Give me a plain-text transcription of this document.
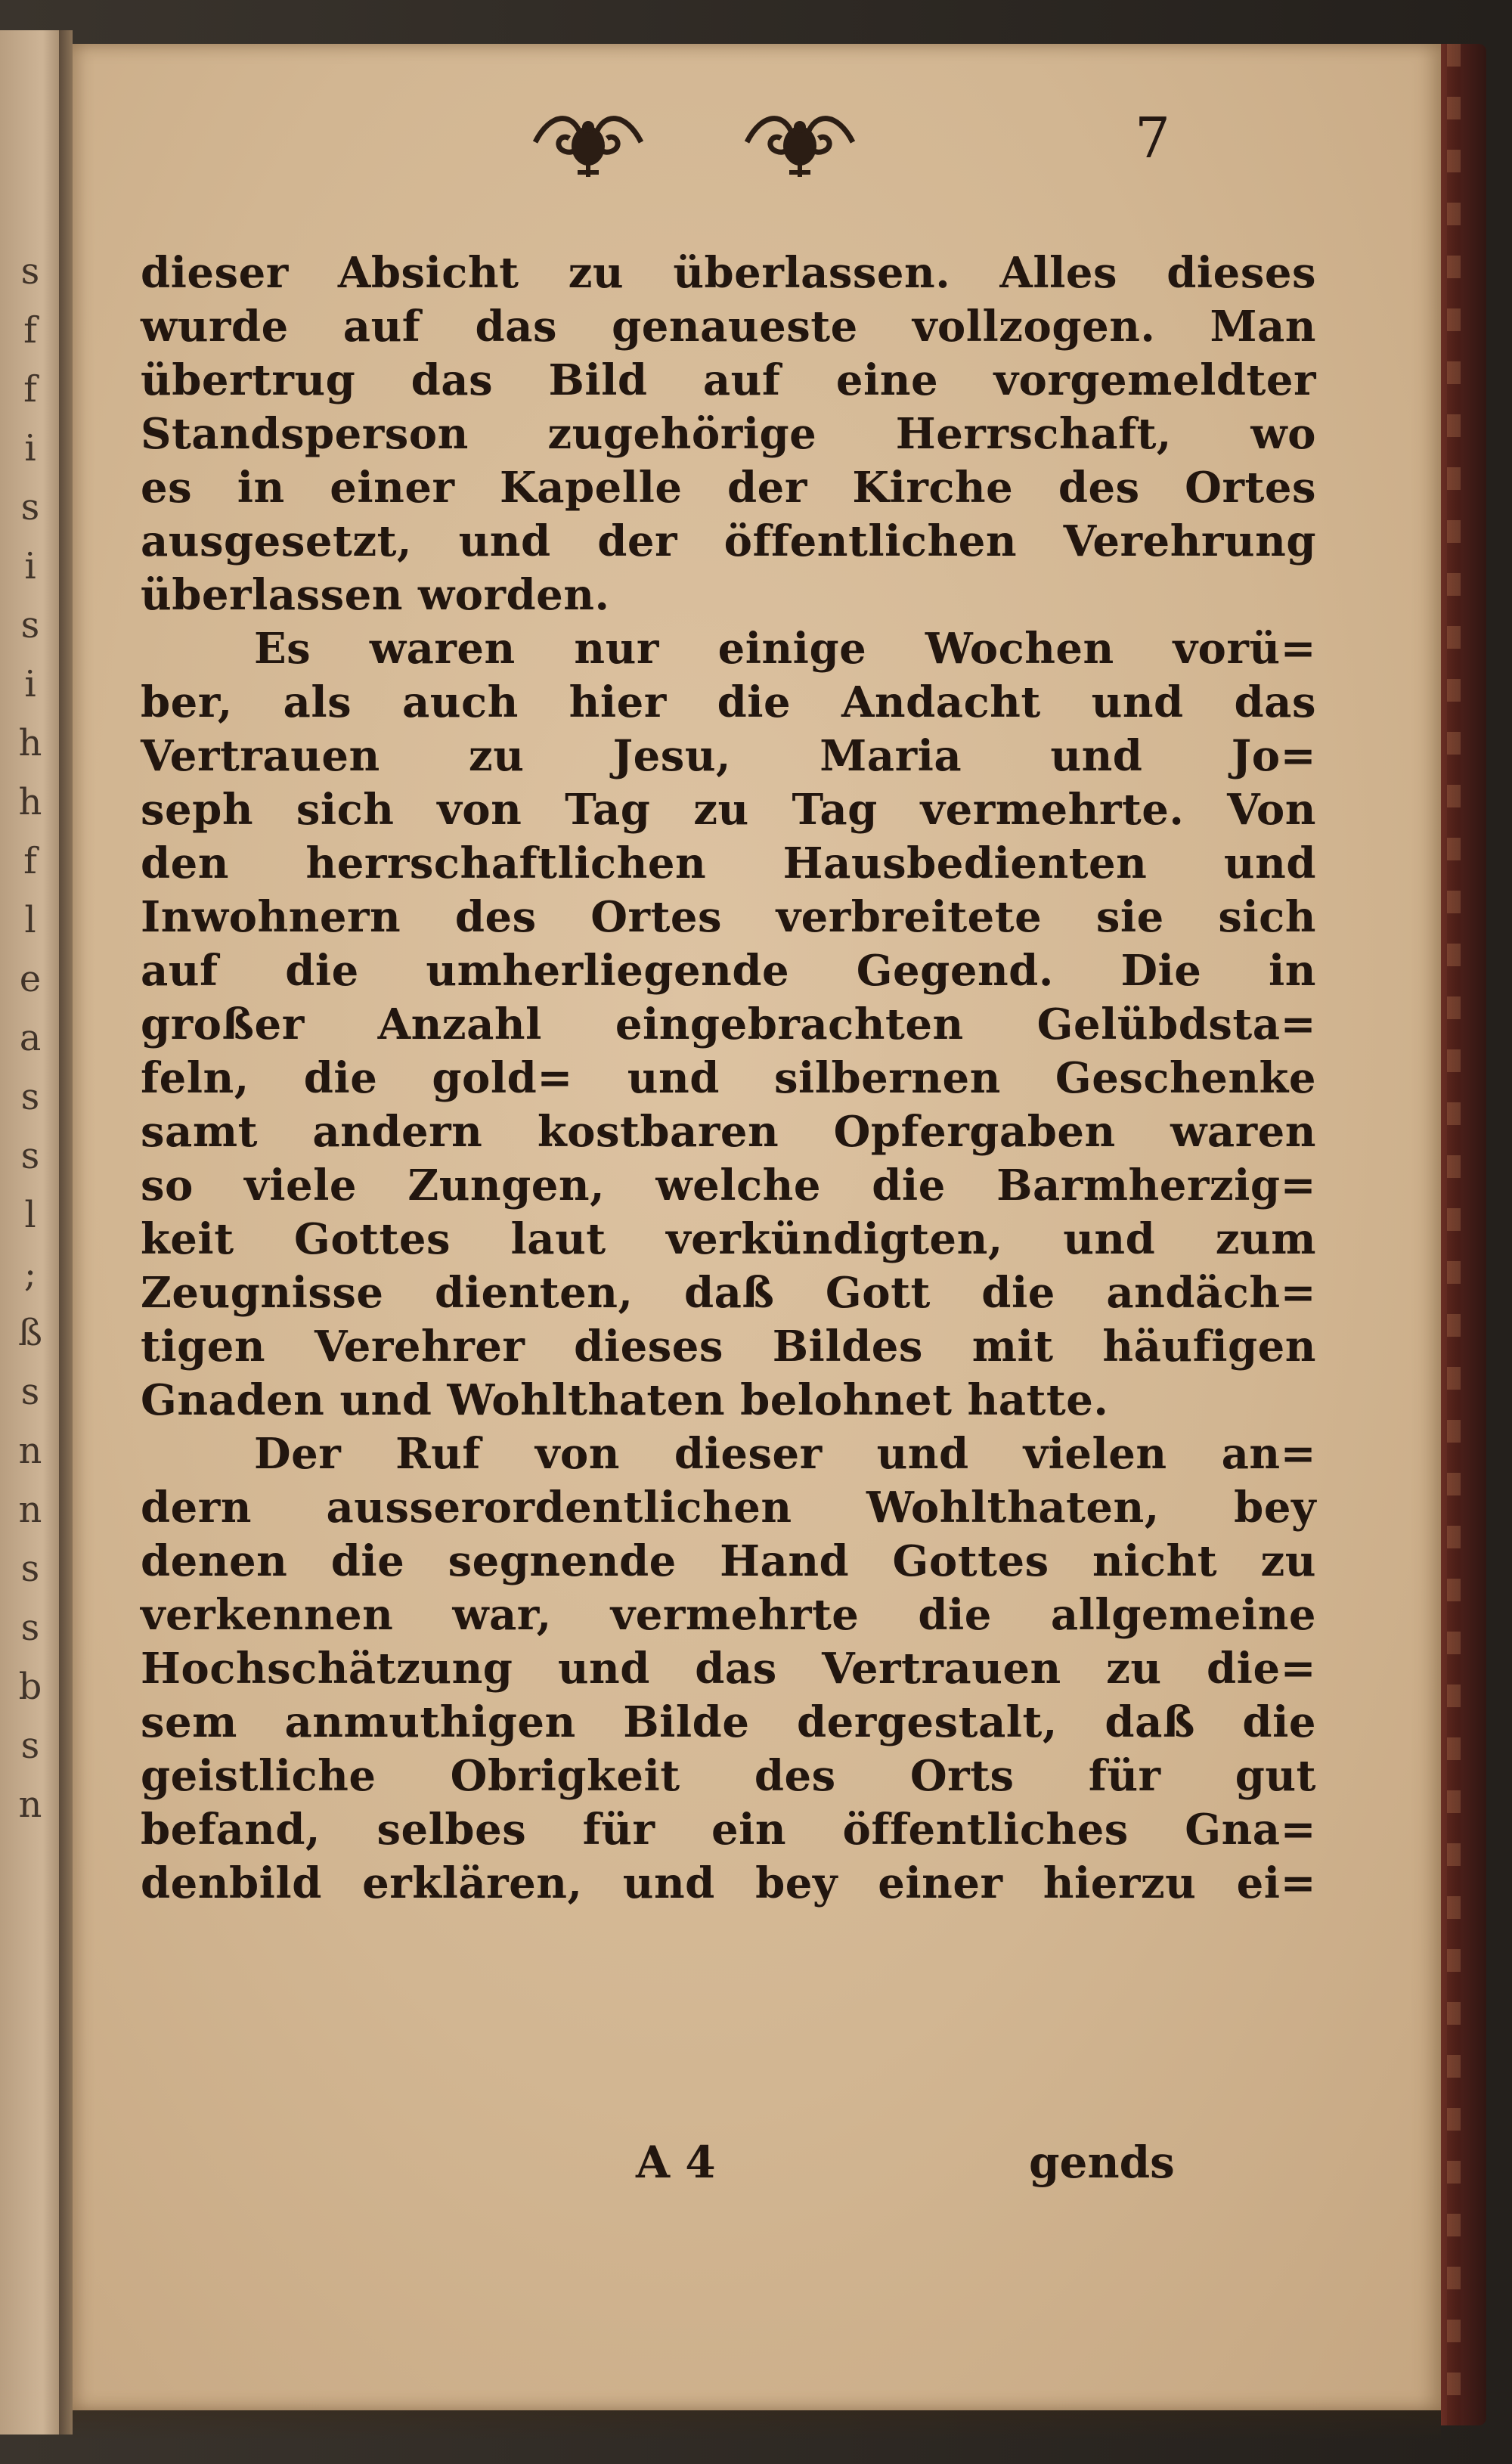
s
f
f
i
s
i
s
i
h
h
f
l
e
a
s
s
l
;
ß
s
n
n
s
s
b
s
n
7
dieser Absicht zu überlassen. Alles dieses
wurde auf das genaueste vollzogen. Man
übertrug das Bild auf eine vorgemeldter
Standsperson zugehörige Herrschaft, wo
es in einer Kapelle der Kirche des Ortes
ausgesetzt, und der öffentlichen Verehrung
überlassen worden.
Es waren nur einige Wochen vorü=
ber, als auch hier die Andacht und das
Vertrauen zu Jesu, Maria und Jo=
seph sich von Tag zu Tag vermehrte. Von
den herrschaftlichen Hausbedienten und
Inwohnern des Ortes verbreitete sie sich
auf die umherliegende Gegend. Die in
großer Anzahl eingebrachten Gelübdsta=
feln, die gold= und silbernen Geschenke
samt andern kostbaren Opfergaben waren
so viele Zungen, welche die Barmherzig=
keit Gottes laut verkündigten, und zum
Zeugnisse dienten, daß Gott die andäch=
tigen Verehrer dieses Bildes mit häufigen
Gnaden und Wohlthaten belohnet hatte.
Der Ruf von dieser und vielen an=
dern ausserordentlichen Wohlthaten, bey
denen die segnende Hand Gottes nicht zu
verkennen war, vermehrte die allgemeine
Hochschätzung und das Vertrauen zu die=
sem anmuthigen Bilde dergestalt, daß die
geistliche Obrigkeit des Orts für gut
befand, selbes für ein öffentliches Gna=
denbild erklären, und bey einer hierzu ei=
A 4	gends
